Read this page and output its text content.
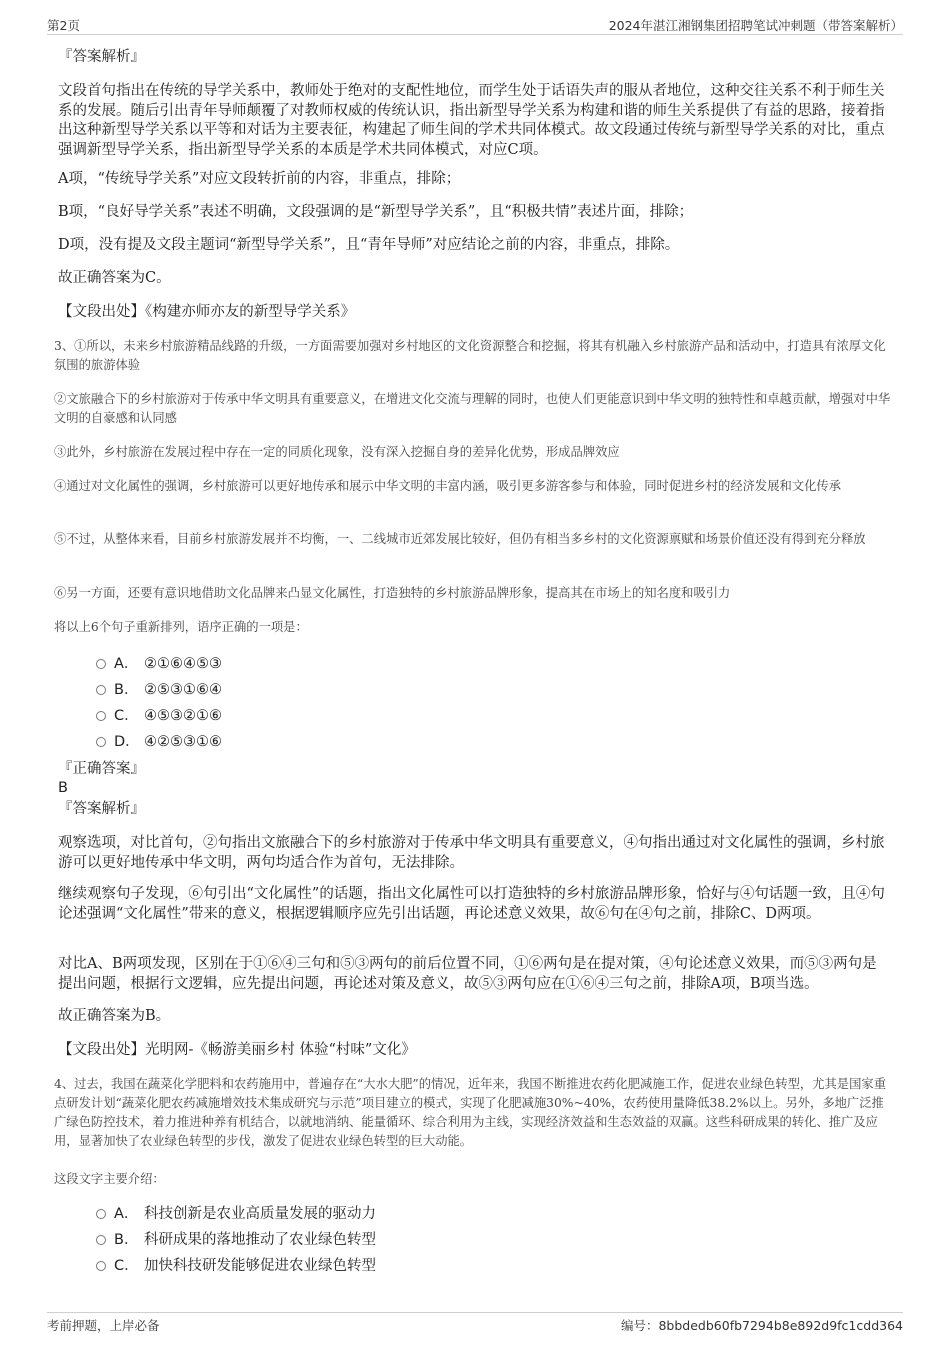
第2页	2024年湛江湘钢集团招聘笔试冲刺题（带答案解析）

『答案解析』

文段首句指出在传统的导学关系中，教师处于绝对的支配性地位，而学生处于话语失声的服从者地位，这种交往关系不利于师生关系的发展。随后引出青年导师颠覆了对教师权威的传统认识，指出新型导学关系为构建和谐的师生关系提供了有益的思路，接着指出这种新型导学关系以平等和对话为主要表征，构建起了师生间的学术共同体模式。故文段通过传统与新型导学关系的对比，重点强调新型导学关系，指出新型导学关系的本质是学术共同体模式，对应C项。

A项，“传统导学关系”对应文段转折前的内容，非重点，排除；

B项，“良好导学关系”表述不明确，文段强调的是“新型导学关系”，且“积极共情”表述片面，排除；

D项，没有提及文段主题词“新型导学关系”，且“青年导师”对应结论之前的内容，非重点，排除。

故正确答案为C。

【文段出处】《构建亦师亦友的新型导学关系》

3、①所以，未来乡村旅游精品线路的升级，一方面需要加强对乡村地区的文化资源整合和挖掘，将其有机融入乡村旅游产品和活动中，打造具有浓厚文化氛围的旅游体验

②文旅融合下的乡村旅游对于传承中华文明具有重要意义，在增进文化交流与理解的同时，也使人们更能意识到中华文明的独特性和卓越贡献，增强对中华文明的自豪感和认同感

③此外，乡村旅游在发展过程中存在一定的同质化现象，没有深入挖掘自身的差异化优势，形成品牌效应

④通过对文化属性的强调，乡村旅游可以更好地传承和展示中华文明的丰富内涵，吸引更多游客参与和体验，同时促进乡村的经济发展和文化传承

⑤不过，从整体来看，目前乡村旅游发展并不均衡，一、二线城市近郊发展比较好，但仍有相当多乡村的文化资源禀赋和场景价值还没有得到充分释放

⑥另一方面，还要有意识地借助文化品牌来凸显文化属性，打造独特的乡村旅游品牌形象，提高其在市场上的知名度和吸引力

将以上6个句子重新排列，语序正确的一项是：

A． ②①⑥④⑤③
B． ②⑤③①⑥④
C． ④⑤③②①⑥
D． ④②⑤③①⑥

『正确答案』

B

『答案解析』

观察选项，对比首句，②句指出文旅融合下的乡村旅游对于传承中华文明具有重要意义，④句指出通过对文化属性的强调，乡村旅游可以更好地传承中华文明，两句均适合作为首句，无法排除。

继续观察句子发现，⑥句引出“文化属性”的话题，指出文化属性可以打造独特的乡村旅游品牌形象，恰好与④句话题一致，且④句论述强调“文化属性”带来的意义，根据逻辑顺序应先引出话题，再论述意义效果，故⑥句在④句之前，排除C、D两项。

对比A、B两项发现，区别在于①⑥④三句和⑤③两句的前后位置不同，①⑥两句是在提对策，④句论述意义效果，而⑤③两句是提出问题，根据行文逻辑，应先提出问题，再论述对策及意义，故⑤③两句应在①⑥④三句之前，排除A项，B项当选。

故正确答案为B。

【文段出处】光明网-《畅游美丽乡村 体验“村味”文化》

4、过去，我国在蔬菜化学肥料和农药施用中，普遍存在“大水大肥”的情况，近年来，我国不断推进农药化肥减施工作，促进农业绿色转型，尤其是国家重点研发计划“蔬菜化肥农药减施增效技术集成研究与示范”项目建立的模式，实现了化肥减施30%~40%，农药使用量降低38.2%以上。另外，多地广泛推广绿色防控技术，着力推进种养有机结合，以就地消纳、能量循环、综合利用为主线，实现经济效益和生态效益的双赢。这些科研成果的转化、推广及应用，显著加快了农业绿色转型的步伐，激发了促进农业绿色转型的巨大动能。

这段文字主要介绍：

A． 科技创新是农业高质量发展的驱动力
B． 科研成果的落地推动了农业绿色转型
C． 加快科技研发能够促进农业绿色转型
考前押题，上岸必备	编号：8bbdedb60fb7294b8e892d9fc1cdd364
